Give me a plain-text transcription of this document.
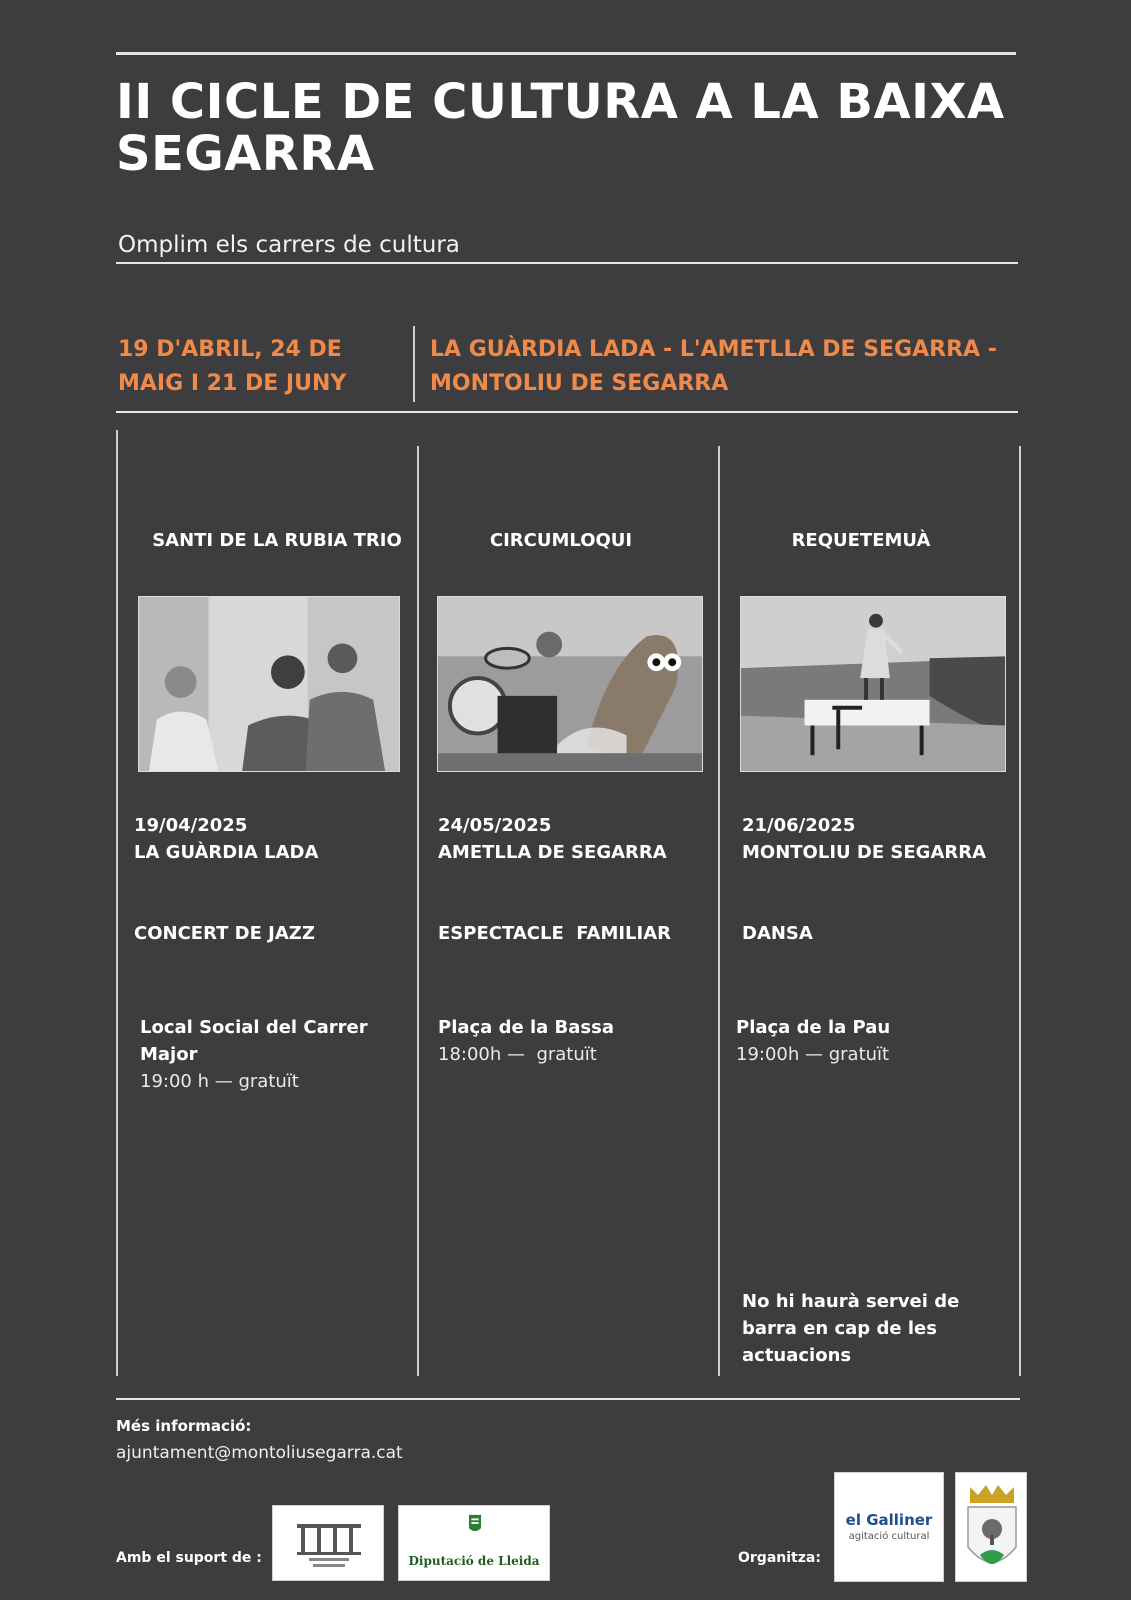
II CICLE DE CULTURA A LA BAIXA SEGARRA
Omplim els carrers de cultura
19 D'ABRIL, 24 DE MAIG I 21 DE JUNY
LA GUÀRDIA LADA - L'AMETLLA DE SEGARRA - MONTOLIU DE SEGARRA
SANTI DE LA RUBIA TRIO
19/04/2025
LA GUÀRDIA LADA
CONCERT DE JAZZ
Local Social del Carrer Major
19:00 h — gratuït
CIRCUMLOQUI
24/05/2025
AMETLLA DE SEGARRA
ESPECTACLE  FAMILIAR
Plaça de la Bassa
18:00h —  gratuït
REQUETEMUÀ
21/06/2025
MONTOLIU DE SEGARRA
DANSA
Plaça de la Pau
19:00h — gratuït
No hi haurà servei de barra en cap de les actuacions
Més informació:
ajuntament@montoliusegarra.cat
Amb el suport de :	Diputació de Lleida	Organitza:
el Galliner
agitació cultural
